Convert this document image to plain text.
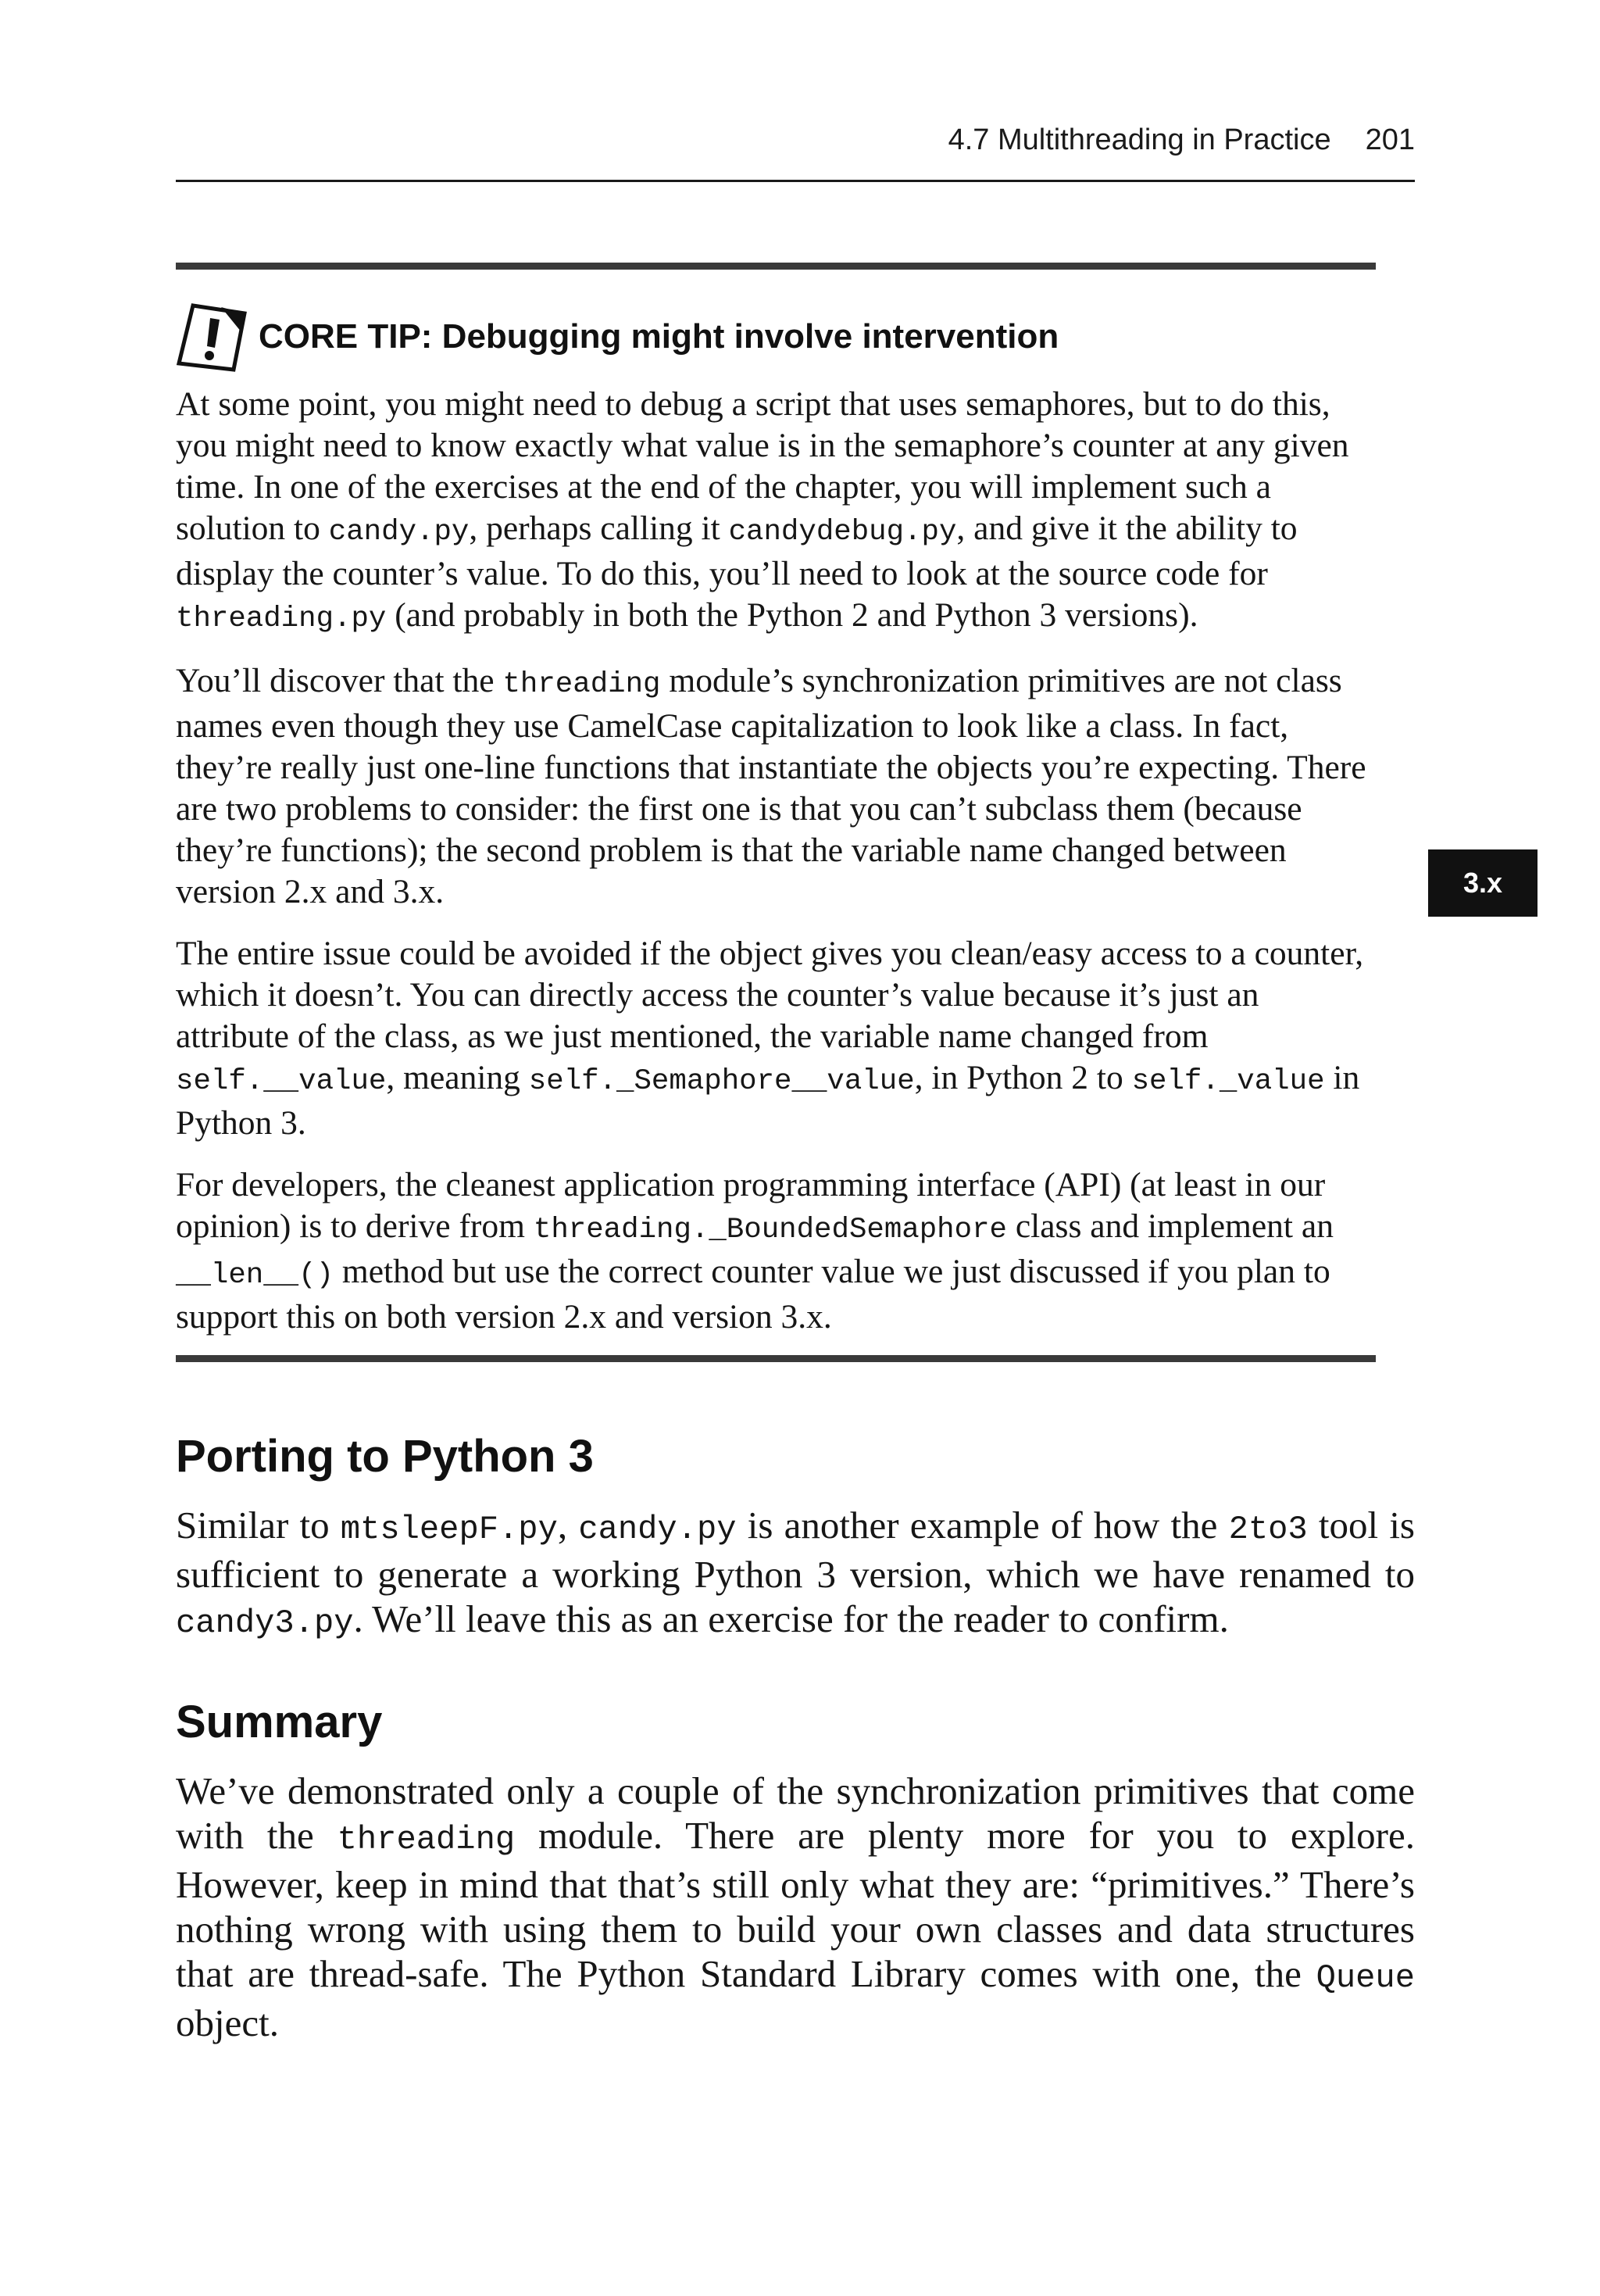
4.7 Multithreading in Practice 201
CORE TIP: Debugging might involve intervention

At some point, you might need to debug a script that uses semaphores, but to do this, you might need to know exactly what value is in the semaphore’s counter at any given time. In one of the exercises at the end of the chapter, you will implement such a solution to candy.py, perhaps calling it candydebug.py, and give it the ability to display the counter’s value. To do this, you’ll need to look at the source code for threading.py (and probably in both the Python 2 and Python 3 versions).

You’ll discover that the threading module’s synchronization primitives are not class names even though they use CamelCase capitalization to look like a class. In fact, they’re really just one-line functions that instantiate the objects you’re expecting. There are two problems to consider: the first one is that you can’t subclass them (because they’re functions); the second problem is that the variable name changed between version 2.x and 3.x.

The entire issue could be avoided if the object gives you clean/easy access to a counter, which it doesn’t. You can directly access the counter’s value because it’s just an attribute of the class, as we just mentioned, the variable name changed from self.__value, meaning self._Semaphore__value, in Python 2 to self._value in Python 3.

For developers, the cleanest application programming interface (API) (at least in our opinion) is to derive from threading._BoundedSemaphore class and implement an __len__() method but use the correct counter value we just discussed if you plan to support this on both version 2.x and version 3.x.

3.x
Porting to Python 3

Similar to mtsleepF.py, candy.py is another example of how the 2to3 tool is sufficient to generate a working Python 3 version, which we have renamed to candy3.py. We’ll leave this as an exercise for the reader to confirm.

Summary

We’ve demonstrated only a couple of the synchronization primitives that come with the threading module. There are plenty more for you to explore. However, keep in mind that that’s still only what they are: “primitives.” There’s nothing wrong with using them to build your own classes and data structures that are thread-safe. The Python Standard Library comes with one, the Queue object.
